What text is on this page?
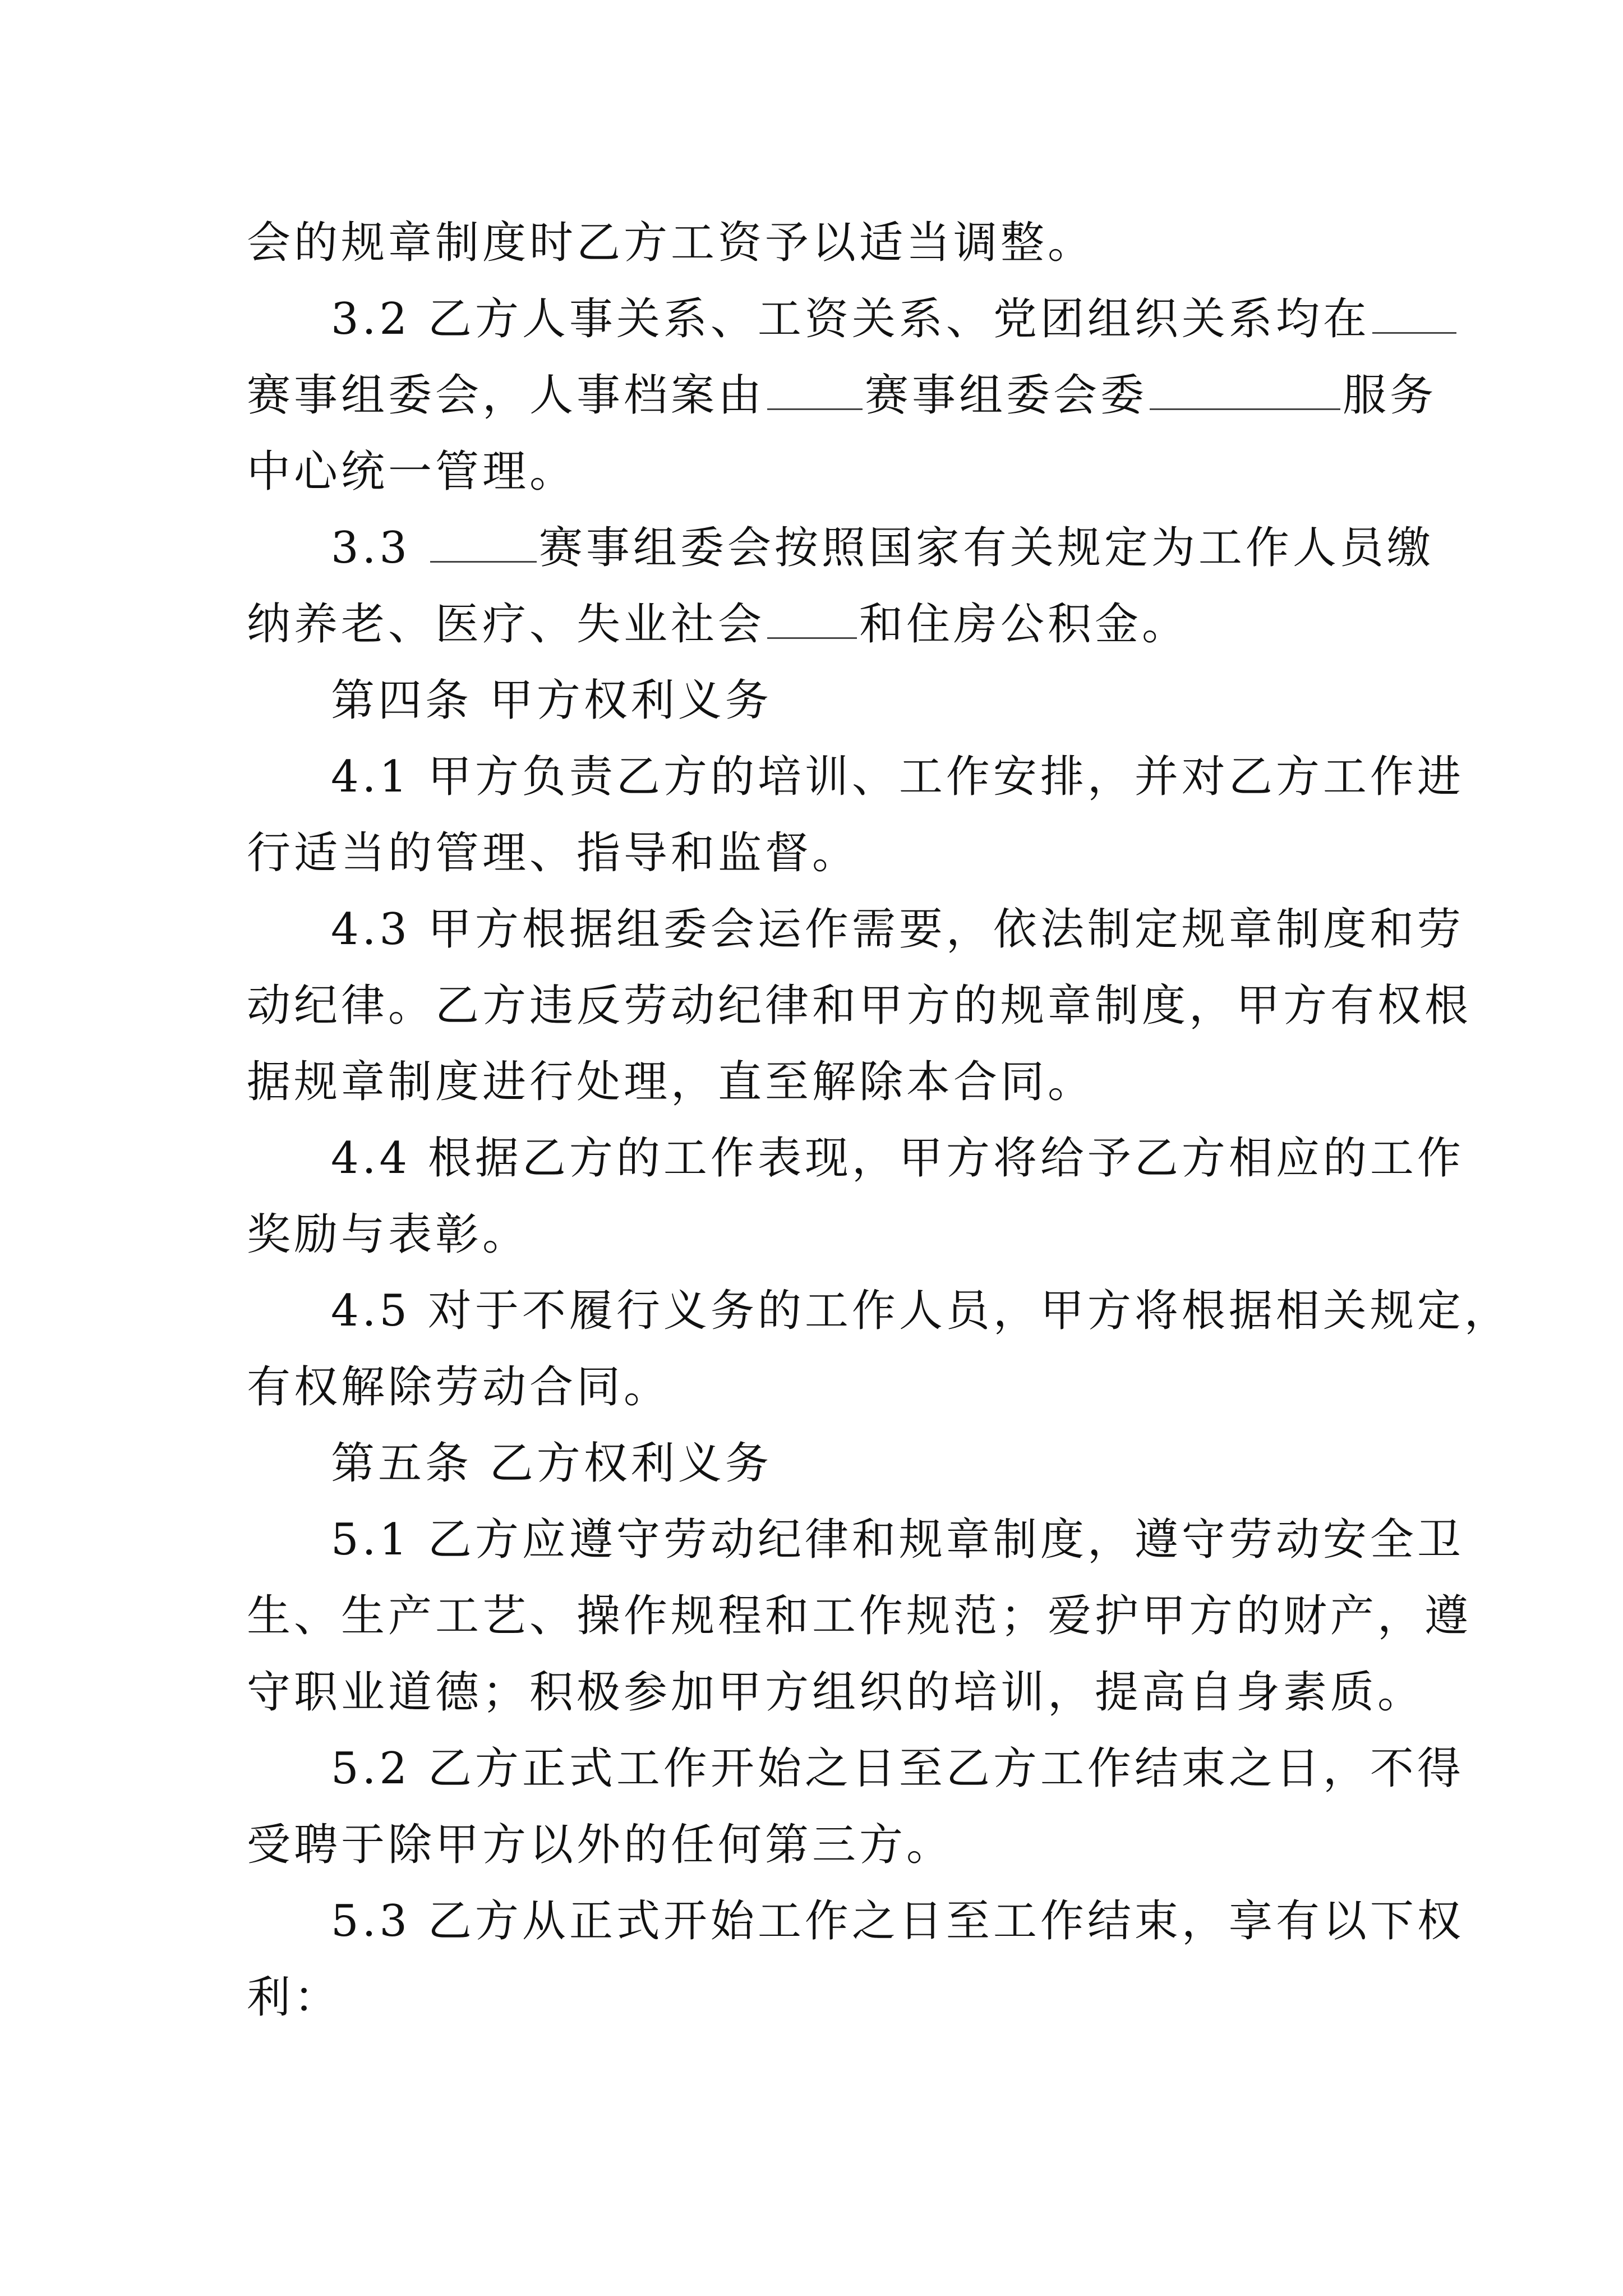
会的规章制度时乙方工资予以适当调整。
3.2 乙方人事关系、工资关系、党团组织关系均在
赛事组委会，人事档案由 赛事组委会委	服务
中心统一管理。
3.3	赛事组委会按照国家有关规定为工作人员缴
纳养老、医疗、失业社会 和住房公积金。
第四条 甲方权利义务
4.1 甲方负责乙方的培训、工作安排，并对乙方工作进
行适当的管理、指导和监督。
4.3 甲方根据组委会运作需要，依法制定规章制度和劳
动纪律。乙方违反劳动纪律和甲方的规章制度，甲方有权根
据规章制度进行处理，直至解除本合同。
4.4 根据乙方的工作表现，甲方将给予乙方相应的工作
奖励与表彰。
4.5 对于不履行义务的工作人员，甲方将根据相关规定，
有权解除劳动合同。
第五条 乙方权利义务
5.1 乙方应遵守劳动纪律和规章制度，遵守劳动安全卫
生、生产工艺、操作规程和工作规范；爱护甲方的财产，遵
守职业道德；积极参加甲方组织的培训，提高自身素质。
5.2 乙方正式工作开始之日至乙方工作结束之日，不得
受聘于除甲方以外的任何第三方。
5.3 乙方从正式开始工作之日至工作结束，享有以下权
利：
